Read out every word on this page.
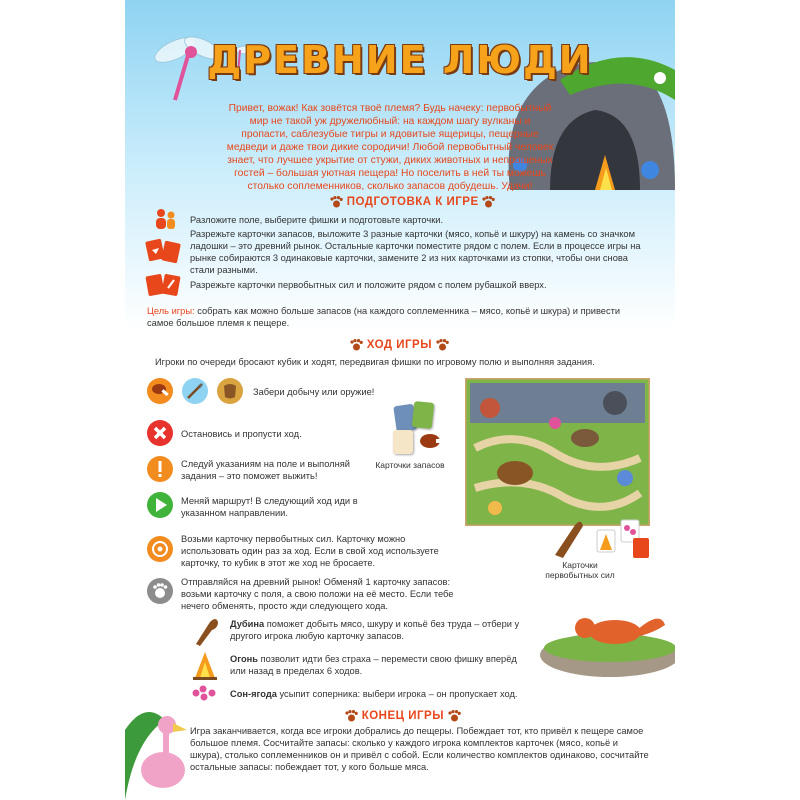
ДРЕВНИЕ ЛЮДИ
Привет, вожак! Как зовётся твоё племя? Будь начеку: первобытный мир не такой уж дружелюбный: на каждом шагу вулканы и пропасти, саблезубые тигры и ядовитые ящерицы, пещерные медведи и даже твои дикие сородичи! Любой первобытный человек знает, что лучшее укрытие от стужи, диких животных и непрошеных гостей – большая уютная пещера! Но поселить в ней ты можешь столько соплеменников, сколько запасов добудешь. Удачи!
ПОДГОТОВКА К ИГРЕ
Разложите поле, выберите фишки и подготовьте карточки.
Разрежьте карточки запасов, выложите 3 разные карточки (мясо, копьё и шкуру) на камень со значком ладошки – это древний рынок. Остальные карточки поместите рядом с полем. Если в процессе игры на рынке собираются 3 одинаковые карточки, замените 2 из них карточками из стопки, чтобы они снова стали разными.
Разрежьте карточки первобытных сил и положите рядом с полем рубашкой вверх.
Цель игры: собрать как можно больше запасов (на каждого соплеменника – мясо, копьё и шкура) и привести самое большое племя к пещере.
ХОД ИГРЫ
Игроки по очереди бросают кубик и ходят, передвигая фишки по игровому полю и выполняя задания.
Забери добычу или оружие!
Остановись и пропусти ход.
Следуй указаниям на поле и выполняй задания – это поможет выжить!
Меняй маршрут! В следующий ход иди в указанном направлении.
Возьми карточку первобытных сил. Карточку можно использовать один раз за ход. Если в свой ход используете карточку, то кубик в этот же ход не бросаете.
Отправляйся на древний рынок! Обменяй 1 карточку запасов: возьми карточку с поля, а свою положи на её место. Если тебе нечего обменять, просто жди следующего хода.
Дубина поможет добыть мясо, шкуру и копьё без труда – отбери у другого игрока любую карточку запасов.
Огонь позволит идти без страха – перемести свою фишку вперёд или назад в пределах 6 ходов.
Сон-ягода усыпит соперника: выбери игрока – он пропускает ход.
Карточки запасов
Карточки первобытных сил
КОНЕЦ ИГРЫ
Игра заканчивается, когда все игроки добрались до пещеры. Побеждает тот, кто привёл к пещере самое большое племя. Сосчитайте запасы: сколько у каждого игрока комплектов карточек (мясо, копьё и шкура), столько соплеменников он и привёл с собой. Если количество комплектов одинаково, сосчитайте остальные запасы: побеждает тот, у кого больше мяса.
